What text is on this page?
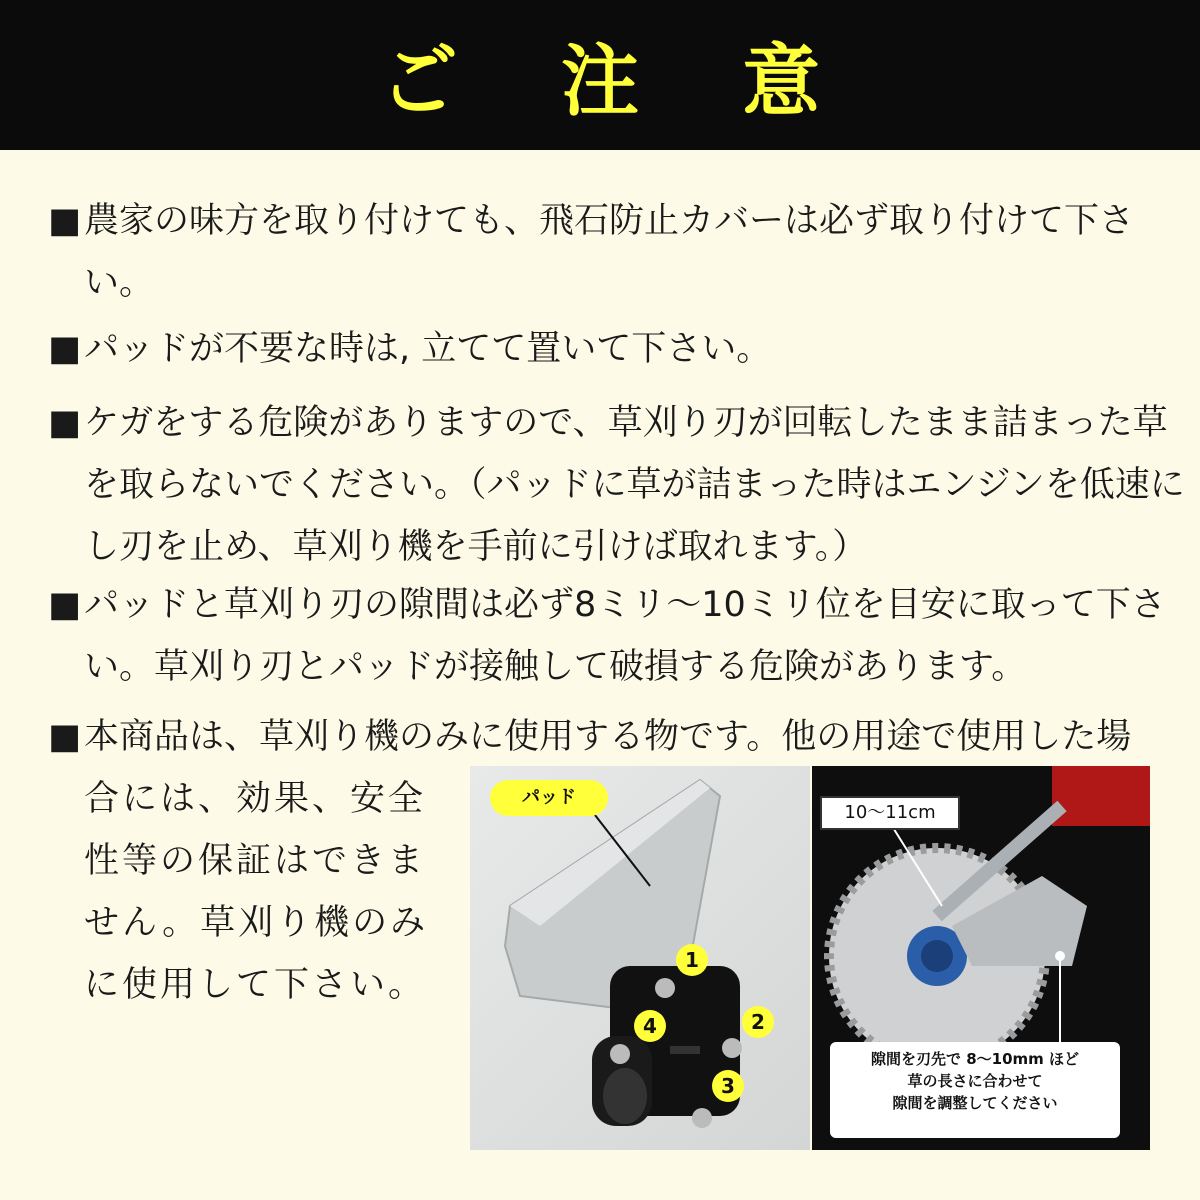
ご 注 意
■農家の味方を取り付けても、飛石防止カバーは必ず取り付けて下さい。
■パッドが不要な時は, 立てて置いて下さい。
■ケガをする危険がありますので、草刈り刃が回転したまま詰まった草を取らないでください。（パッドに草が詰まった時はエンジンを低速にし刃を止め、草刈り機を手前に引けば取れます。）
■パッドと草刈り刃の隙間は必ず8ミリ〜10ミリ位を目安に取って下さい。草刈り刃とパッドが接触して破損する危険があります。
■本商品は、草刈り機のみに使用する物です。他の用途で使用した場
合には、効果、安全性等の保証はできません。草刈り機のみに使用して下さい。
パッド
1
2
3
4
10〜11cm
隙間を刃先で 8〜10mm ほど
草の長さに合わせて
隙間を調整してください
